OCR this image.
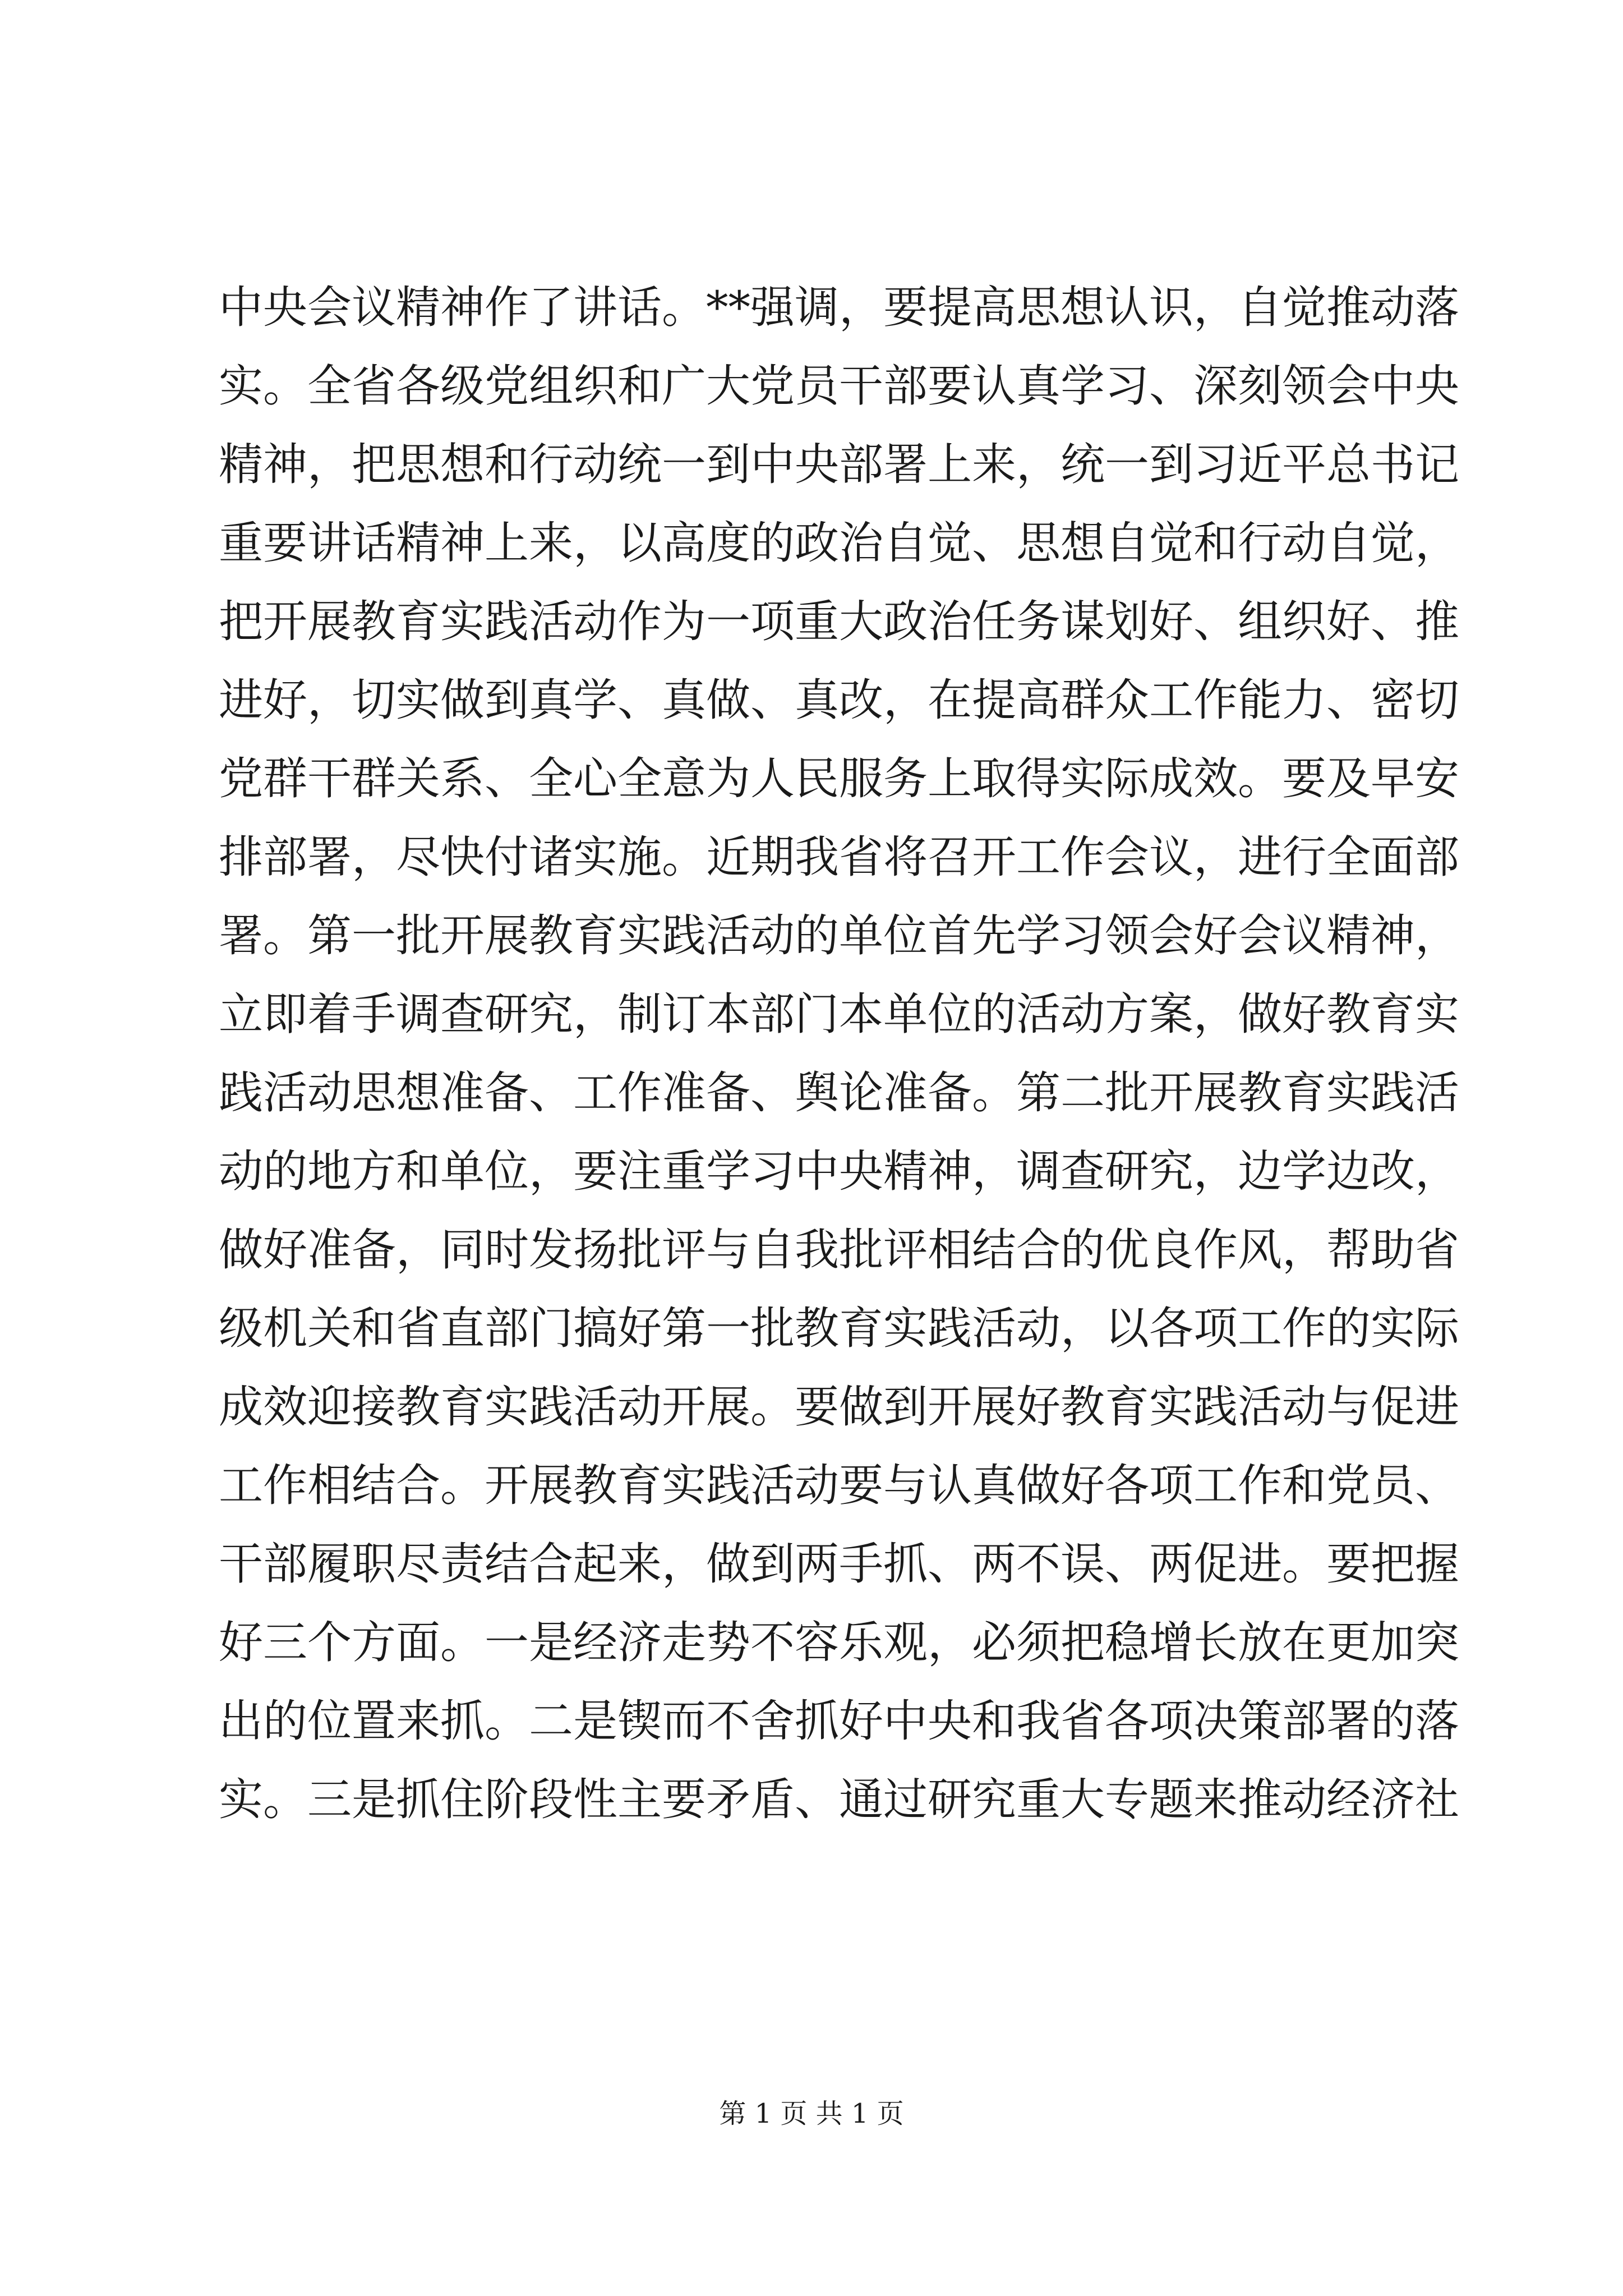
中央会议精神作了讲话。**强调，要提高思想认识，自觉推动落
实。全省各级党组织和广大党员干部要认真学习、深刻领会中央
精神，把思想和行动统一到中央部署上来，统一到习近平总书记
重要讲话精神上来，以高度的政治自觉、思想自觉和行动自觉，
把开展教育实践活动作为一项重大政治任务谋划好、组织好、推
进好，切实做到真学、真做、真改，在提高群众工作能力、密切
党群干群关系、全心全意为人民服务上取得实际成效。要及早安
排部署，尽快付诸实施。近期我省将召开工作会议，进行全面部
署。第一批开展教育实践活动的单位首先学习领会好会议精神，
立即着手调查研究，制订本部门本单位的活动方案，做好教育实
践活动思想准备、工作准备、舆论准备。第二批开展教育实践活
动的地方和单位，要注重学习中央精神，调查研究，边学边改，
做好准备，同时发扬批评与自我批评相结合的优良作风，帮助省
级机关和省直部门搞好第一批教育实践活动，以各项工作的实际
成效迎接教育实践活动开展。要做到开展好教育实践活动与促进
工作相结合。开展教育实践活动要与认真做好各项工作和党员、
干部履职尽责结合起来，做到两手抓、两不误、两促进。要把握
好三个方面。一是经济走势不容乐观，必须把稳增长放在更加突
出的位置来抓。二是锲而不舍抓好中央和我省各项决策部署的落
实。三是抓住阶段性主要矛盾、通过研究重大专题来推动经济社
第 1 页 共 1 页
